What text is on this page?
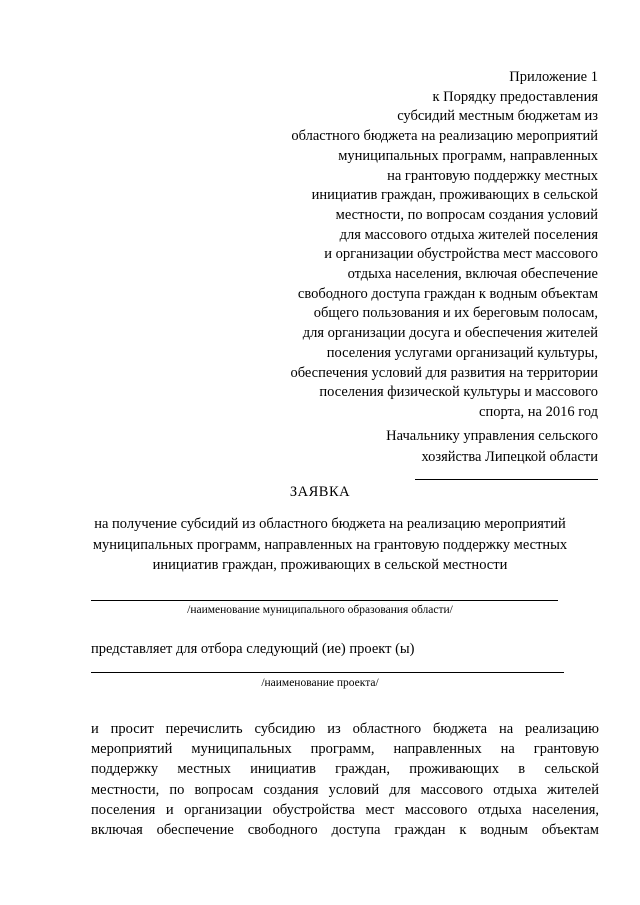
Приложение 1
к Порядку предоставления
субсидий местным бюджетам из
областного бюджета на реализацию мероприятий
муниципальных программ, направленных
на грантовую поддержку местных
инициатив граждан, проживающих в сельской
местности, по вопросам создания условий
для массового отдыха жителей поселения
и организации обустройства мест массового
отдыха населения, включая обеспечение
свободного доступа граждан к водным объектам
общего пользования и их береговым полосам,
для организации досуга и обеспечения жителей
поселения услугами организаций культуры,
обеспечения условий для развития на территории
поселения физической культуры и массового
спорта, на 2016 год
Начальнику управления сельского
хозяйства Липецкой области
ЗАЯВКА
на получение субсидий из областного бюджета на реализацию мероприятий
муниципальных программ, направленных на грантовую поддержку местных
инициатив граждан, проживающих в сельской местности
/наименование муниципального образования области/
представляет для отбора следующий (ие) проект (ы)
/наименование проекта/
и просит перечислить субсидию из областного бюджета на реализацию
мероприятий муниципальных программ, направленных на грантовую
поддержку местных инициатив граждан, проживающих в сельской
местности, по вопросам создания условий для массового отдыха жителей
поселения и организации обустройства мест массового отдыха населения,
включая обеспечение свободного доступа граждан к водным объектам
